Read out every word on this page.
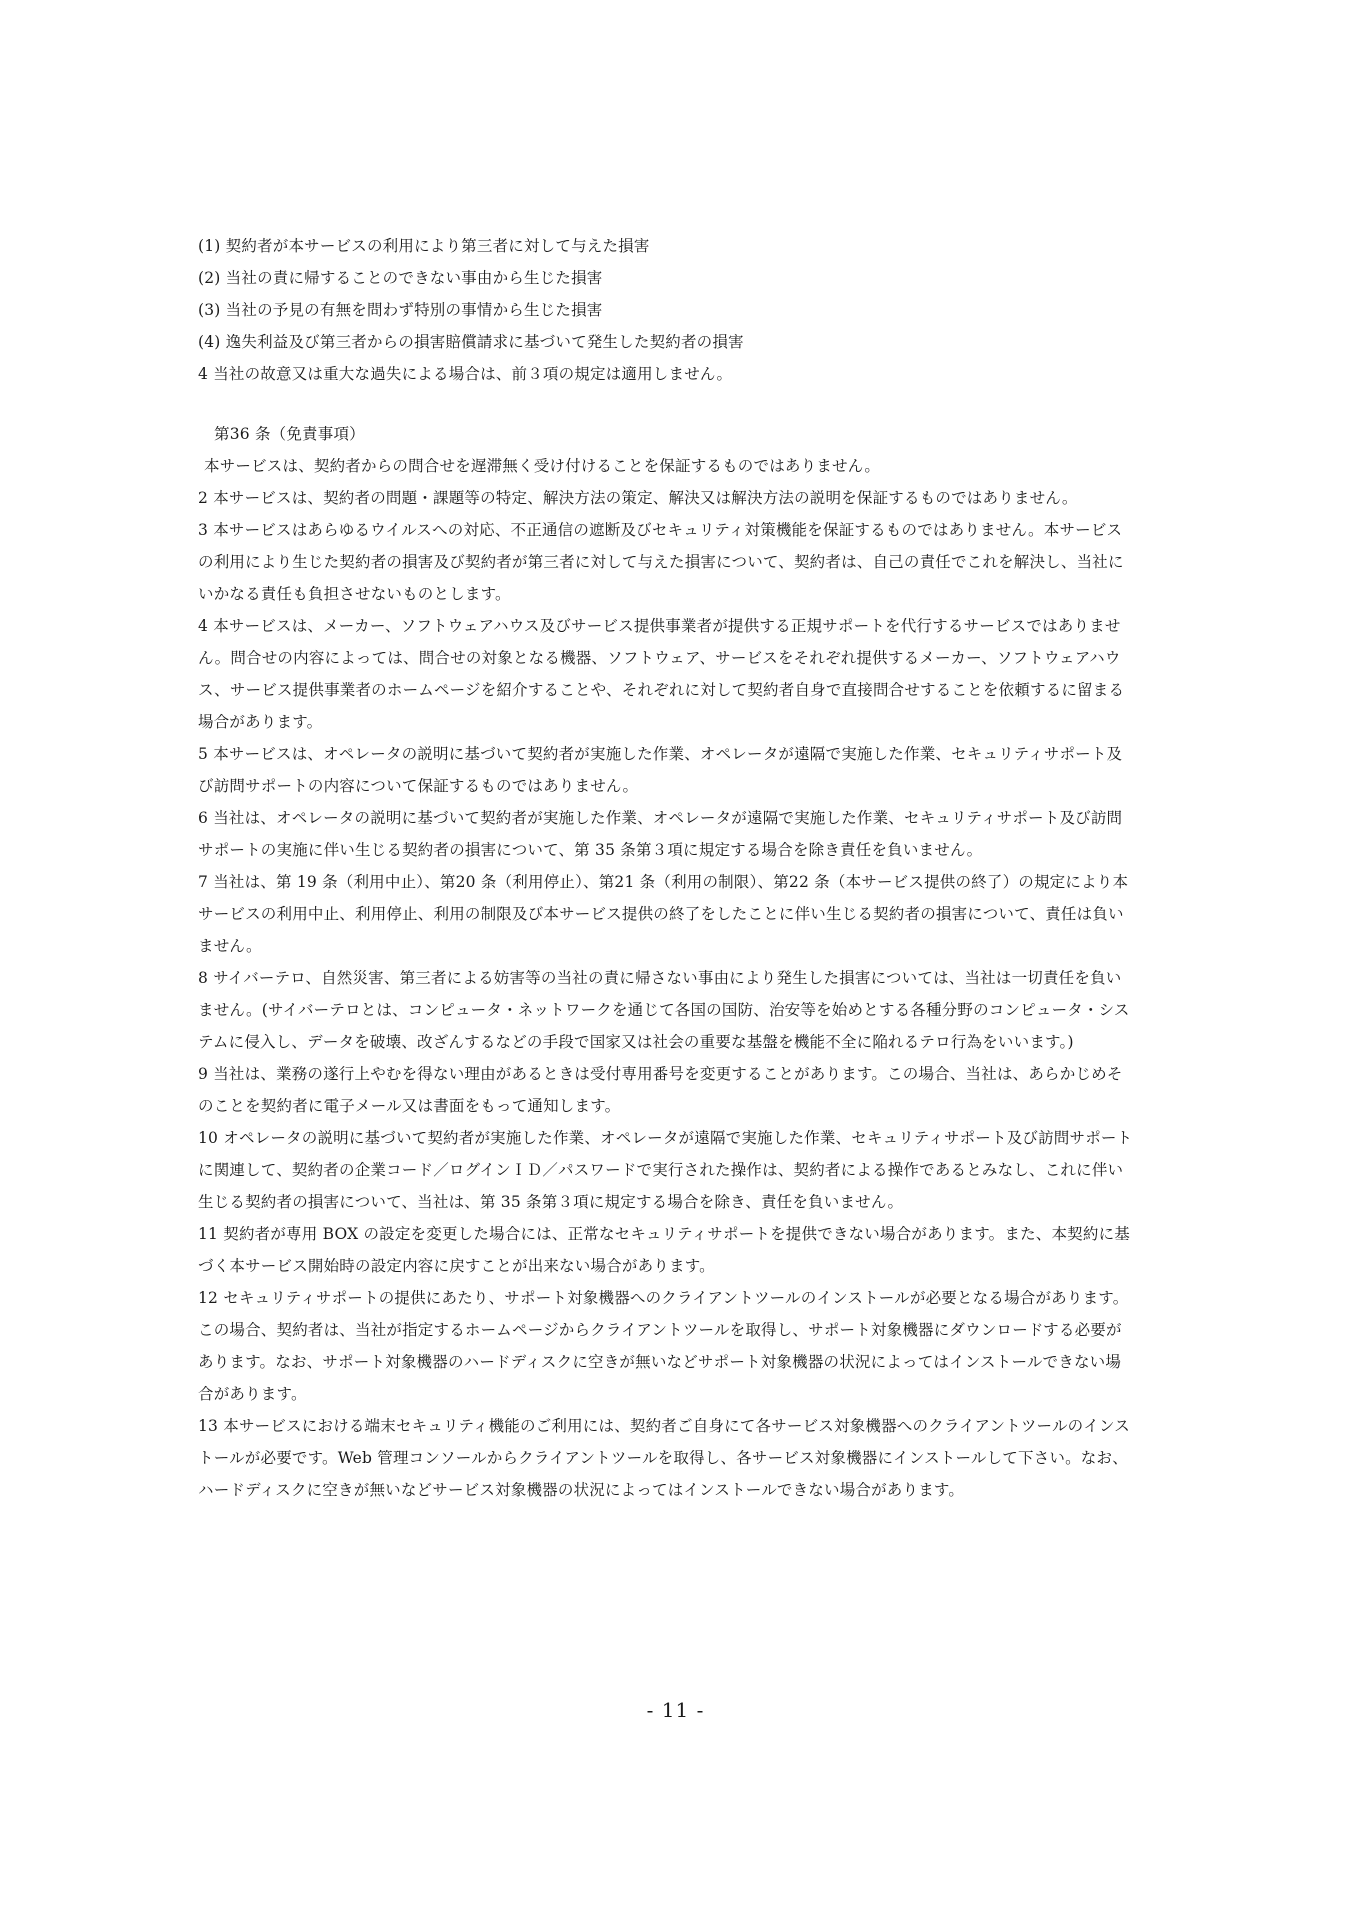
(1) 契約者が本サービスの利用により第三者に対して与えた損害
(2) 当社の責に帰することのできない事由から生じた損害
(3) 当社の予見の有無を問わず特別の事情から生じた損害
(4) 逸失利益及び第三者からの損害賠償請求に基づいて発生した契約者の損害
4 当社の故意又は重大な過失による場合は、前３項の規定は適用しません。
第36 条（免責事項）
本サービスは、契約者からの問合せを遅滞無く受け付けることを保証するものではありません。
2 本サービスは、契約者の問題・課題等の特定、解決方法の策定、解決又は解決方法の説明を保証するものではありません。
3 本サービスはあらゆるウイルスへの対応、不正通信の遮断及びセキュリティ対策機能を保証するものではありません。本サービス
の利用により生じた契約者の損害及び契約者が第三者に対して与えた損害について、契約者は、自己の責任でこれを解決し、当社に
いかなる責任も負担させないものとします。
4 本サービスは、メーカー、ソフトウェアハウス及びサービス提供事業者が提供する正規サポートを代行するサービスではありませ
ん。問合せの内容によっては、問合せの対象となる機器、ソフトウェア、サービスをそれぞれ提供するメーカー、ソフトウェアハウ
ス、サービス提供事業者のホームページを紹介することや、それぞれに対して契約者自身で直接問合せすることを依頼するに留まる
場合があります。
5 本サービスは、オペレータの説明に基づいて契約者が実施した作業、オペレータが遠隔で実施した作業、セキュリティサポート及
び訪問サポートの内容について保証するものではありません。
6 当社は、オペレータの説明に基づいて契約者が実施した作業、オペレータが遠隔で実施した作業、セキュリティサポート及び訪問
サポートの実施に伴い生じる契約者の損害について、第 35 条第３項に規定する場合を除き責任を負いません。
7 当社は、第 19 条（利用中止）、第20 条（利用停止）、第21 条（利用の制限）、第22 条（本サービス提供の終了）の規定により本
サービスの利用中止、利用停止、利用の制限及び本サービス提供の終了をしたことに伴い生じる契約者の損害について、責任は負い
ません。
8 サイバーテロ、自然災害、第三者による妨害等の当社の責に帰さない事由により発生した損害については、当社は一切責任を負い
ません。(サイバーテロとは、コンピュータ・ネットワークを通じて各国の国防、治安等を始めとする各種分野のコンピュータ・シス
テムに侵入し、データを破壊、改ざんするなどの手段で国家又は社会の重要な基盤を機能不全に陥れるテロ行為をいいます。)
9 当社は、業務の遂行上やむを得ない理由があるときは受付専用番号を変更することがあります。この場合、当社は、あらかじめそ
のことを契約者に電子メール又は書面をもって通知します。
10 オペレータの説明に基づいて契約者が実施した作業、オペレータが遠隔で実施した作業、セキュリティサポート及び訪問サポート
に関連して、契約者の企業コード／ログインＩＤ／パスワードで実行された操作は、契約者による操作であるとみなし、これに伴い
生じる契約者の損害について、当社は、第 35 条第３項に規定する場合を除き、責任を負いません。
11 契約者が専用 BOX の設定を変更した場合には、正常なセキュリティサポートを提供できない場合があります。また、本契約に基
づく本サービス開始時の設定内容に戻すことが出来ない場合があります。
12 セキュリティサポートの提供にあたり、サポート対象機器へのクライアントツールのインストールが必要となる場合があります。
この場合、契約者は、当社が指定するホームページからクライアントツールを取得し、サポート対象機器にダウンロードする必要が
あります。なお、サポート対象機器のハードディスクに空きが無いなどサポート対象機器の状況によってはインストールできない場
合があります。
13 本サービスにおける端末セキュリティ機能のご利用には、契約者ご自身にて各サービス対象機器へのクライアントツールのインス
トールが必要です。Web 管理コンソールからクライアントツールを取得し、各サービス対象機器にインストールして下さい。なお、
ハードディスクに空きが無いなどサービス対象機器の状況によってはインストールできない場合があります。
- 11 -
